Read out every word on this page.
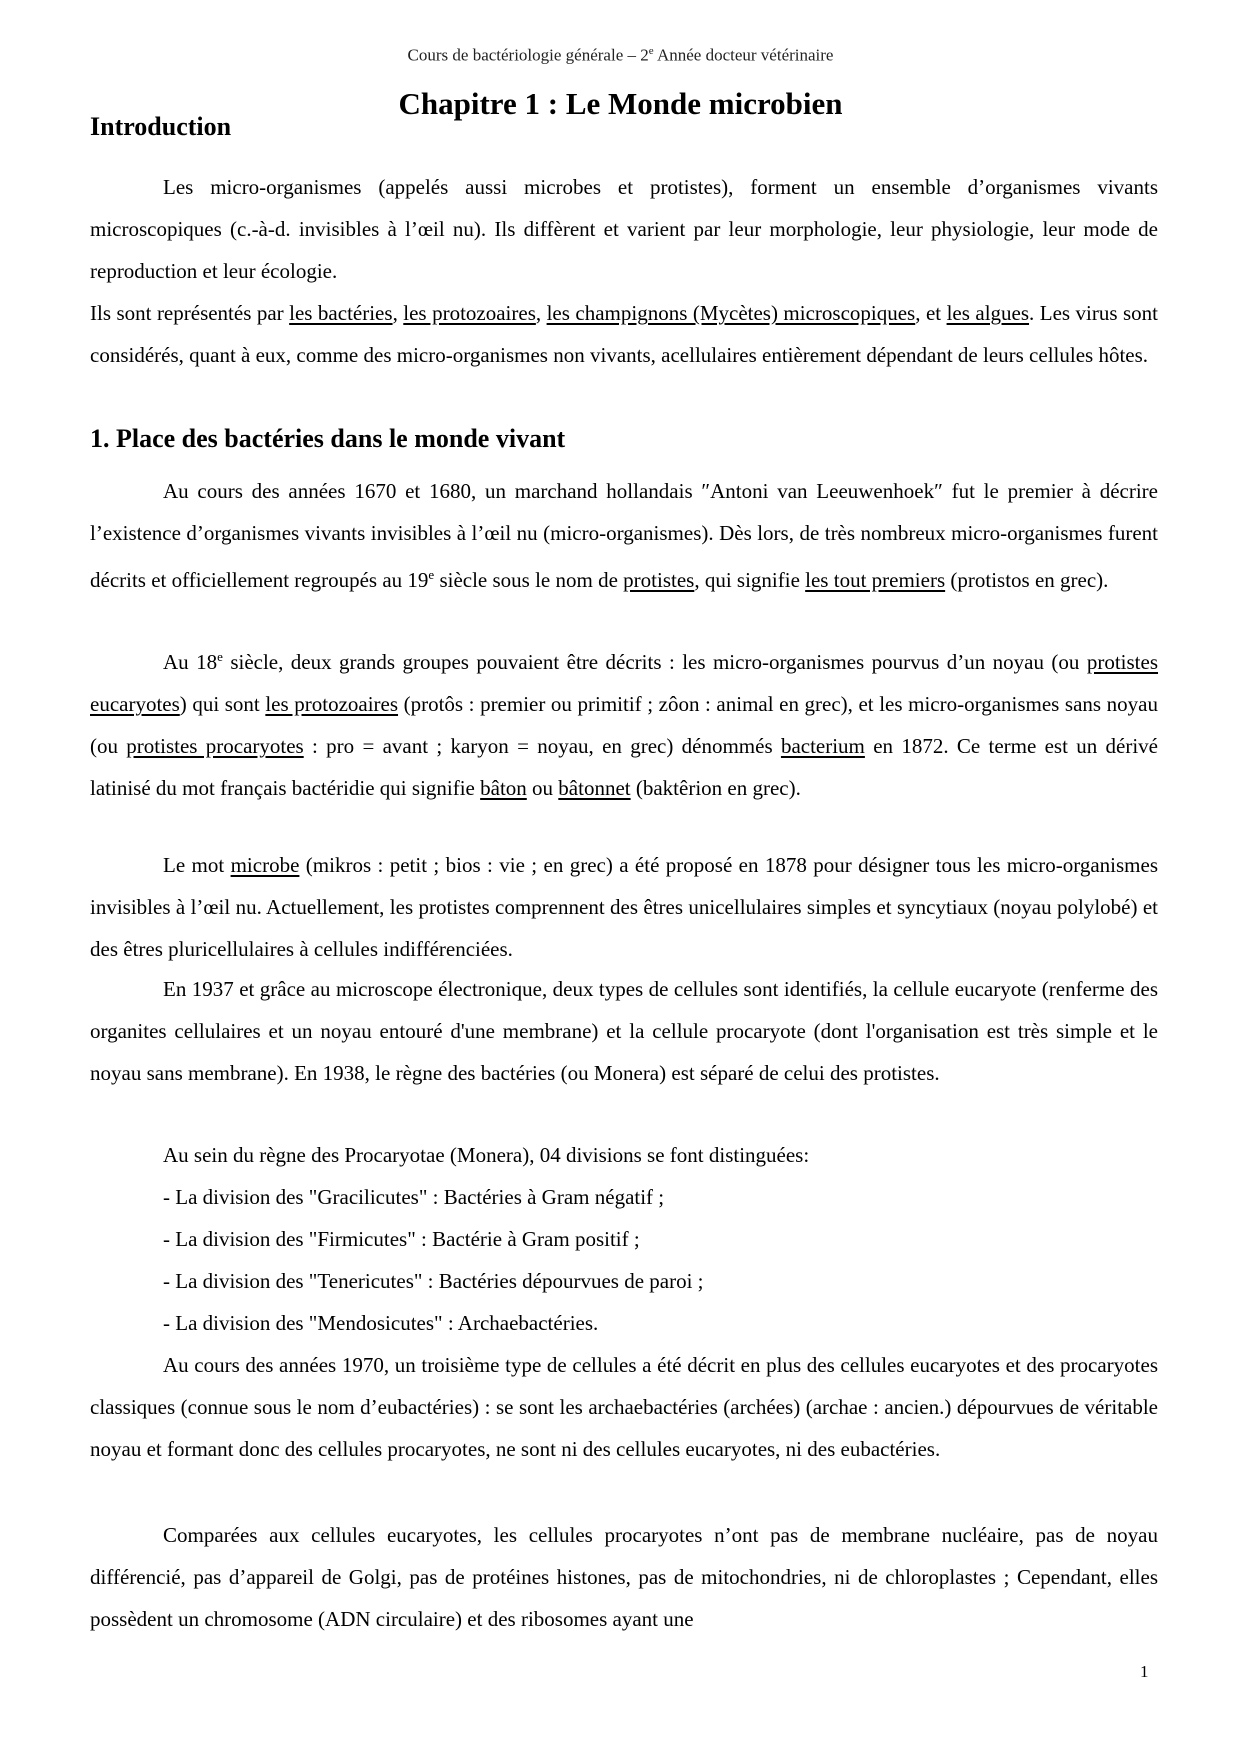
Cours de bactériologie générale – 2e Année docteur vétérinaire
Chapitre 1 : Le Monde microbien
Introduction
Les micro-organismes (appelés aussi microbes et protistes), forment un ensemble d’organismes vivants microscopiques (c.-à-d. invisibles à l’œil nu). Ils diffèrent et varient par leur morphologie, leur physiologie, leur mode de reproduction et leur écologie.
Ils sont représentés par les bactéries, les protozoaires, les champignons (Mycètes) microscopiques, et les algues. Les virus sont considérés, quant à eux, comme des micro-organismes non vivants, acellulaires entièrement dépendant de leurs cellules hôtes.
1. Place des bactéries dans le monde vivant
Au cours des années 1670 et 1680, un marchand hollandais ″Antoni van Leeuwenhoek″ fut le premier à décrire l’existence d’organismes vivants invisibles à l’œil nu (micro-organismes). Dès lors, de très nombreux micro-organismes furent décrits et officiellement regroupés au 19e siècle sous le nom de protistes, qui signifie les tout premiers (protistos en grec).
Au 18e siècle, deux grands groupes pouvaient être décrits : les micro-organismes pourvus d’un noyau (ou protistes eucaryotes) qui sont les protozoaires (protôs : premier ou primitif ; zôon : animal en grec), et les micro-organismes sans noyau (ou protistes procaryotes : pro = avant ; karyon = noyau, en grec) dénommés bacterium en 1872. Ce terme est un dérivé latinisé du mot français bactéridie qui signifie bâton ou bâtonnet (baktêrion en grec).
Le mot microbe (mikros : petit ; bios : vie ; en grec) a été proposé en 1878 pour désigner tous les micro-organismes invisibles à l’œil nu. Actuellement, les protistes comprennent des êtres unicellulaires simples et syncytiaux (noyau polylobé) et des êtres pluricellulaires à cellules indifférenciées.
En 1937 et grâce au microscope électronique, deux types de cellules sont identifiés, la cellule eucaryote (renferme des organites cellulaires et un noyau entouré d'une membrane) et la cellule procaryote (dont l'organisation est très simple et le noyau sans membrane). En 1938, le règne des bactéries (ou Monera) est séparé de celui des protistes.
Au sein du règne des Procaryotae (Monera), 04 divisions se font distinguées:
- La division des "Gracilicutes" : Bactéries à Gram négatif ;
- La division des "Firmicutes" : Bactérie à Gram positif ;
- La division des "Tenericutes" : Bactéries dépourvues de paroi ;
- La division des "Mendosicutes" : Archaebactéries.
Au cours des années 1970, un troisième type de cellules a été décrit en plus des cellules eucaryotes et des procaryotes classiques (connue sous le nom d’eubactéries) : se sont les archaebactéries (archées) (archae : ancien.) dépourvues de véritable noyau et formant donc des cellules procaryotes, ne sont ni des cellules eucaryotes, ni des eubactéries.
Comparées aux cellules eucaryotes, les cellules procaryotes n’ont pas de membrane nucléaire, pas de noyau différencié, pas d’appareil de Golgi, pas de protéines histones, pas de mitochondries, ni de chloroplastes ; Cependant, elles possèdent un chromosome (ADN circulaire) et des ribosomes ayant une
1
